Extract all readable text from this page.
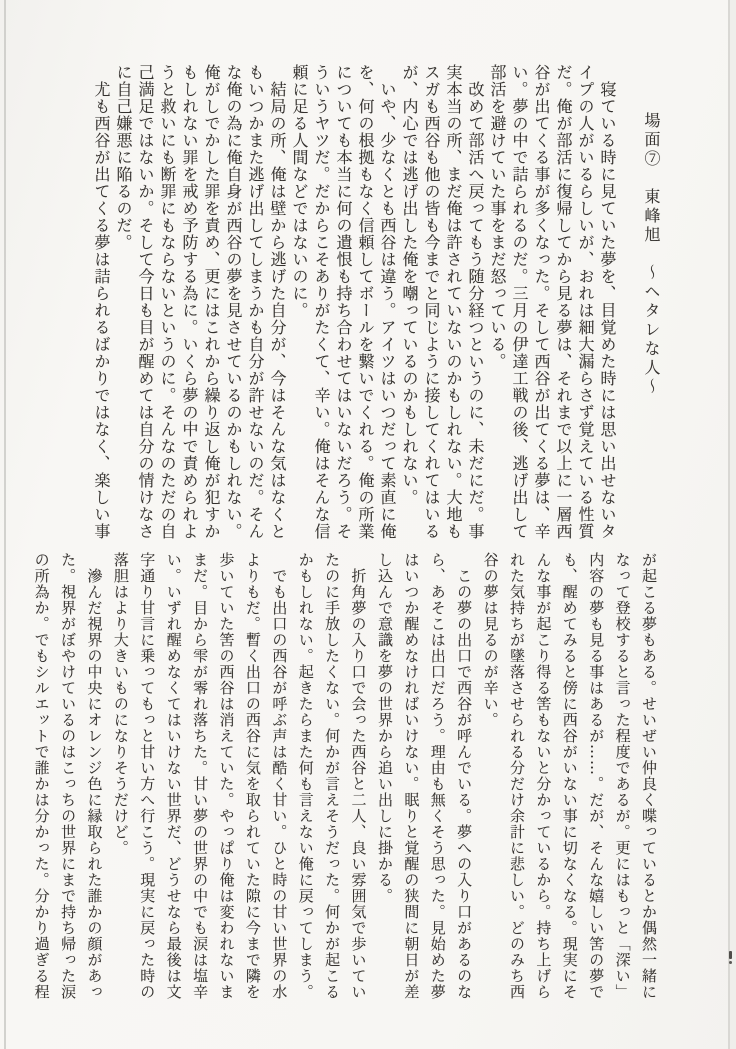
場面⑦　東峰旭　〜ヘタレな人〜
　寝ている時に見ていた夢を、目覚めた時には思い出せないタ
イプの人がいるらしいが、おれは細大漏らさず覚えている性質
だ。俺が部活に復帰してから見る夢は、それまで以上に一層西
谷が出てくる事が多くなった。そして西谷が出てくる夢は、辛
い。夢の中で詰られるのだ。三月の伊達工戦の後、逃げ出して
部活を避けていた事をまだ怒っている。
　改めて部活へ戻ってもう随分経つというのに、未だにだ。事
実本当の所、まだ俺は許されていないのかもしれない。大地も
スガも西谷も他の皆も今までと同じように接してくれてはいる
が、内心では逃げ出した俺を嘲っているのかもしれない。
　いや、少なくとも西谷は違う。アイツはいつだって素直に俺
を、何の根拠もなく信頼してボールを繋いでくれる。俺の所業
についても本当に何の遺恨も持ち合わせてはいないだろう。そ
ういうヤツだ。だからこそありがたくて、辛い。俺はそんな信
頼に足る人間などではないのに。
　結局の所、俺は壁から逃げた自分が、今はそんな気はなくと
もいつかまた逃げ出してしまうかも自分が許せないのだ。そん
な俺の為に俺自身が西谷の夢を見させているのかもしれない。
俺がしでかした罪を責め、更にはこれから繰り返し俺が犯すか
もしれない罪を戒め予防する為に。いくら夢の中で責められよ
うと救いにも断罪にもならないというのに。そんなのただの自
己満足ではないか。そして今日も目が醒めては自分の情けなさ
に自己嫌悪に陥るのだ。
　尤も西谷が出てくる夢は詰られるばかりではなく、楽しい事
が起こる夢もある。せいぜい仲良く喋っているとか偶然一緒に
なって登校すると言った程度であるが。更にはもっと「深い」
内容の夢も見る事はあるが……。だが、そんな嬉しい筈の夢で
も、醒めてみると傍に西谷がいない事に切なくなる。現実にそ
んな事が起こり得る筈もないと分かっているから。持ち上げら
れた気持ちが墜落させられる分だけ余計に悲しい。どのみち西
谷の夢は見るのが辛い。
　この夢の出口で西谷が呼んでいる。夢への入り口があるのな
ら、あそこは出口だろう。理由も無くそう思った。見始めた夢
はいつか醒めなければいけない。眠りと覚醒の狭間に朝日が差
し込んで意識を夢の世界から追い出しに掛かる。
　折角夢の入り口で会った西谷と二人、良い雰囲気で歩いてい
たのに手放したくない。何かが言えそうだった。何かが起こる
かもしれない。起きたらまた何も言えない俺に戻ってしまう。
　でも出口の西谷が呼ぶ声は酷く甘い。ひと時の甘い世界の水
よりもだ。暫く出口の西谷に気を取られていた隙に今まで隣を
歩いていた筈の西谷は消えていた。やっぱり俺は変われないま
まだ。目から雫が零れ落ちた。甘い夢の世界の中でも涙は塩辛
い。いずれ醒めなくてはいけない世界だ、どうせなら最後は文
字通り甘言に乗ってもっと甘い方へ行こう。現実に戻った時の
落胆はより大きいものになりそうだけど。
　滲んだ視界の中央にオレンジ色に縁取られた誰かの顔があっ
た。視界がぼやけているのはこっちの世界にまで持ち帰った涙
の所為か。でもシルエットで誰かは分かった。分かり過ぎる程
